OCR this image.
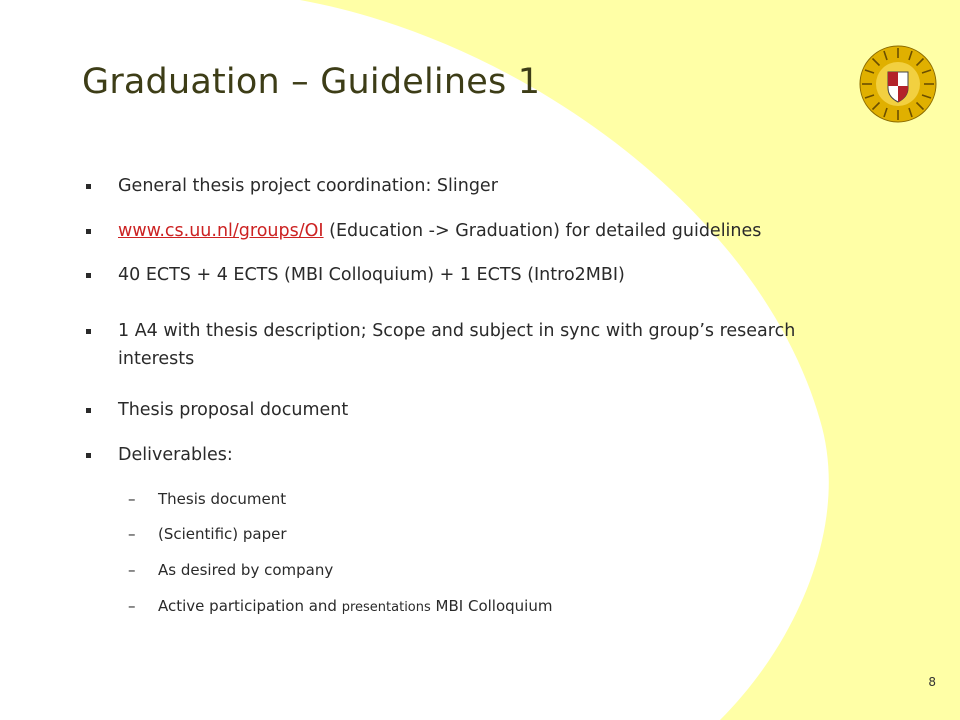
Graduation – Guidelines 1
General thesis project coordination: Slinger
www.cs.uu.nl/groups/OI (Education -> Graduation) for detailed guidelines
40 ECTS + 4 ECTS (MBI Colloquium) + 1 ECTS (Intro2MBI)
1 A4 with thesis description; Scope and subject in sync with group’s research interests
Thesis proposal document
Deliverables:
– Thesis document
– (Scientific) paper
– As desired by company
– Active participation and presentations MBI Colloquium
8
